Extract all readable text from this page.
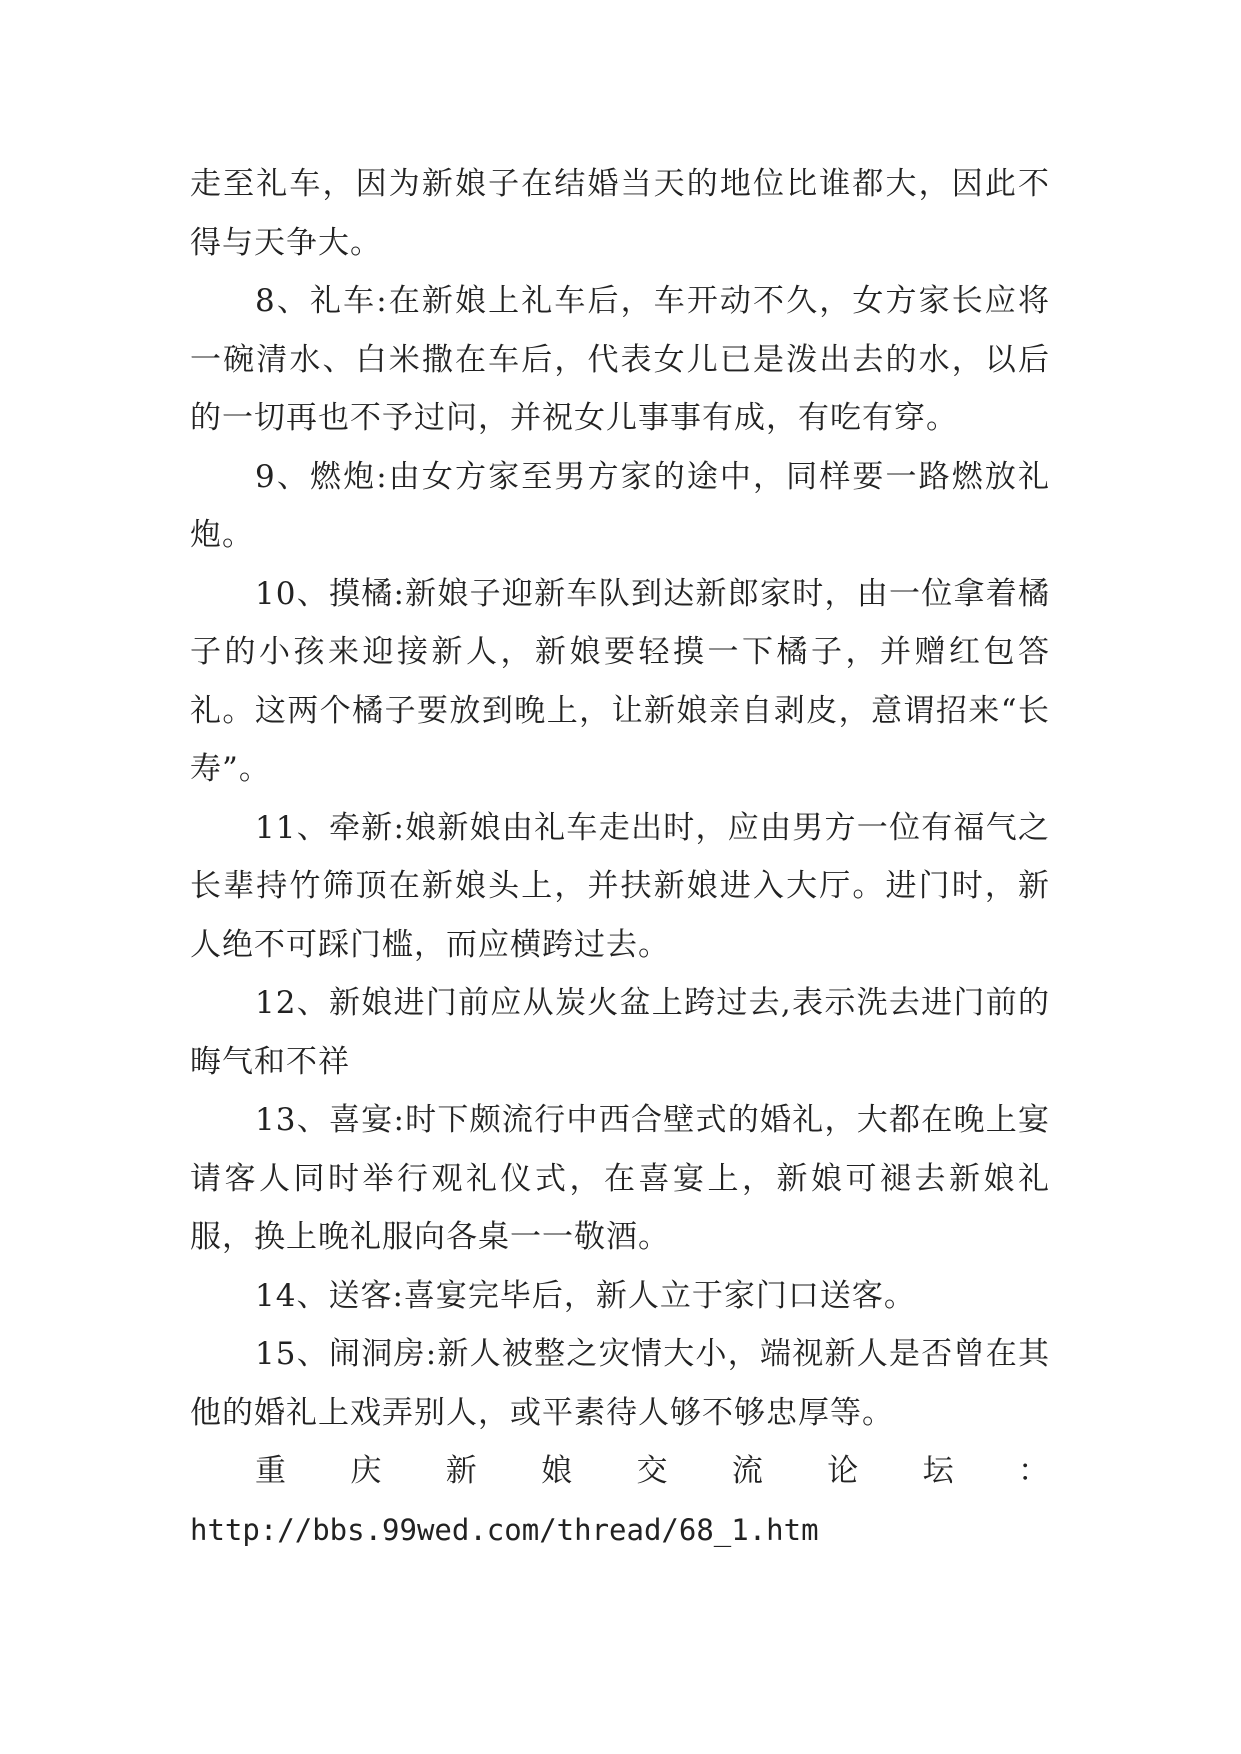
走至礼车，因为新娘子在结婚当天的地位比谁都大，因此不得与天争大。

8、礼车:在新娘上礼车后，车开动不久，女方家长应将一碗清水、白米撒在车后，代表女儿已是泼出去的水，以后的一切再也不予过问，并祝女儿事事有成，有吃有穿。

9、燃炮:由女方家至男方家的途中，同样要一路燃放礼炮。

10、摸橘:新娘子迎新车队到达新郎家时，由一位拿着橘子的小孩来迎接新人，新娘要轻摸一下橘子，并赠红包答礼。这两个橘子要放到晚上，让新娘亲自剥皮，意谓招来“长寿”。

11、牵新:娘新娘由礼车走出时，应由男方一位有福气之长辈持竹筛顶在新娘头上，并扶新娘进入大厅。进门时，新人绝不可踩门槛，而应横跨过去。

12、新娘进门前应从炭火盆上跨过去,表示洗去进门前的晦气和不祥

13、喜宴:时下颇流行中西合壁式的婚礼，大都在晚上宴请客人同时举行观礼仪式，在喜宴上，新娘可褪去新娘礼服，换上晚礼服向各桌一一敬酒。

14、送客:喜宴完毕后，新人立于家门口送客。

15、闹洞房:新人被整之灾情大小，端视新人是否曾在其他的婚礼上戏弄别人，或平素待人够不够忠厚等。

重 庆 新 娘 交 流 论 坛 ：

http://bbs.99wed.com/thread/68_1.htm
